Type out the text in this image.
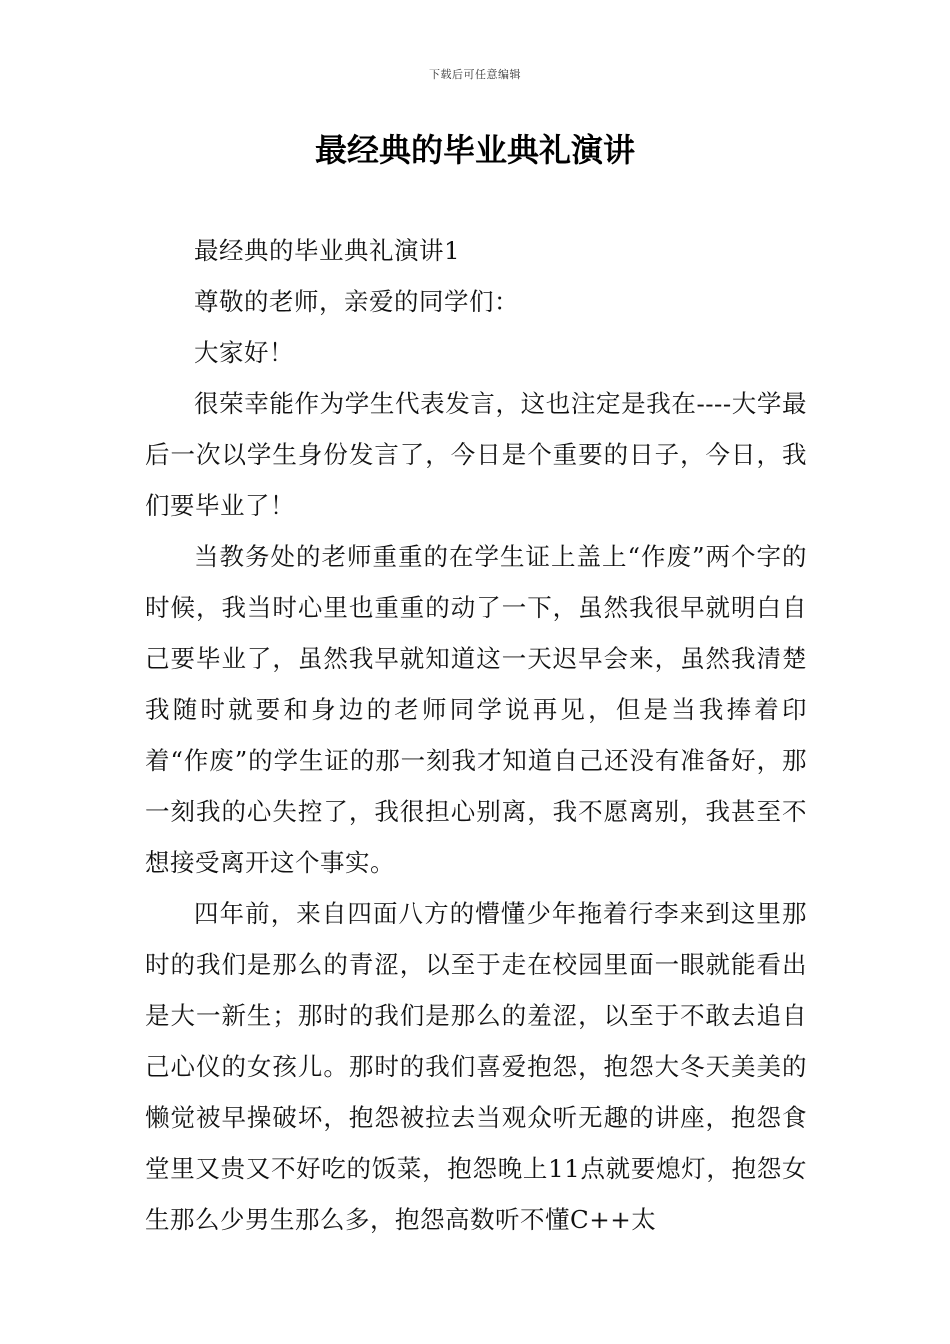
下载后可任意编辑
最经典的毕业典礼演讲

最经典的毕业典礼演讲1

尊敬的老师，亲爱的同学们：

大家好！

很荣幸能作为学生代表发言，这也注定是我在----大学最后一次以学生身份发言了，今日是个重要的日子，今日，我们要毕业了！

当教务处的老师重重的在学生证上盖上“作废”两个字的时候，我当时心里也重重的动了一下，虽然我很早就明白自己要毕业了，虽然我早就知道这一天迟早会来，虽然我清楚我随时就要和身边的老师同学说再见，但是当我捧着印着“作废”的学生证的那一刻我才知道自己还没有准备好，那一刻我的心失控了，我很担心别离，我不愿离别，我甚至不想接受离开这个事实。

四年前，来自四面八方的懵懂少年拖着行李来到这里那时的我们是那么的青涩，以至于走在校园里面一眼就能看出是大一新生；那时的我们是那么的羞涩，以至于不敢去追自己心仪的女孩儿。那时的我们喜爱抱怨，抱怨大冬天美美的懒觉被早操破坏，抱怨被拉去当观众听无趣的讲座，抱怨食堂里又贵又不好吃的饭菜，抱怨晚上11点就要熄灯，抱怨女生那么少男生那么多，抱怨高数听不懂C++太
